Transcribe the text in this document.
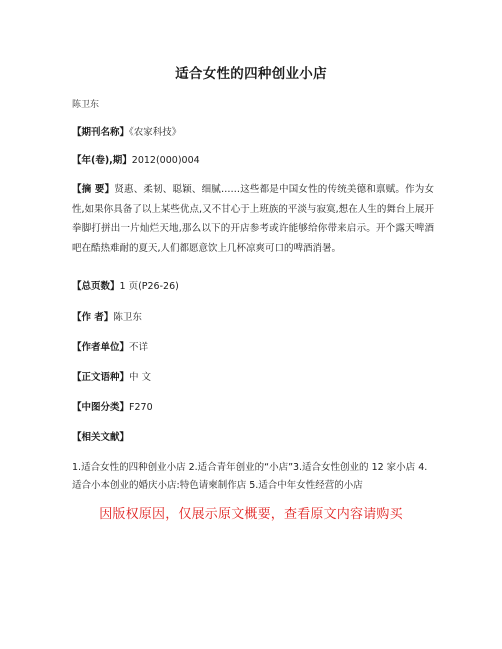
适合女性的四种创业小店
陈卫东
【期刊名称】《农家科技》
【年(卷),期】2012(000)004
【摘 要】贤惠、柔韧、聪颖、细腻……这些都是中国女性的传统美德和禀赋。作为女性,如果你具备了以上某些优点,又不甘心于上班族的平淡与寂寞,想在人生的舞台上展开拳脚打拼出一片灿烂天地,那么以下的开店参考或许能够给你带来启示。开个露天啤酒吧在酷热难耐的夏天,人们都愿意饮上几杯凉爽可口的啤酒消暑。
【总页数】1 页(P26-26)
【作 者】陈卫东
【作者单位】不详
【正文语种】中 文
【中图分类】F270
【相关文献】
1.适合女性的四种创业小店 2.适合青年创业的“小店”3.适合女性创业的 12 家小店 4.适合小本创业的婚庆小店:特色请柬制作店 5.适合中年女性经营的小店
因版权原因，仅展示原文概要，查看原文内容请购买
